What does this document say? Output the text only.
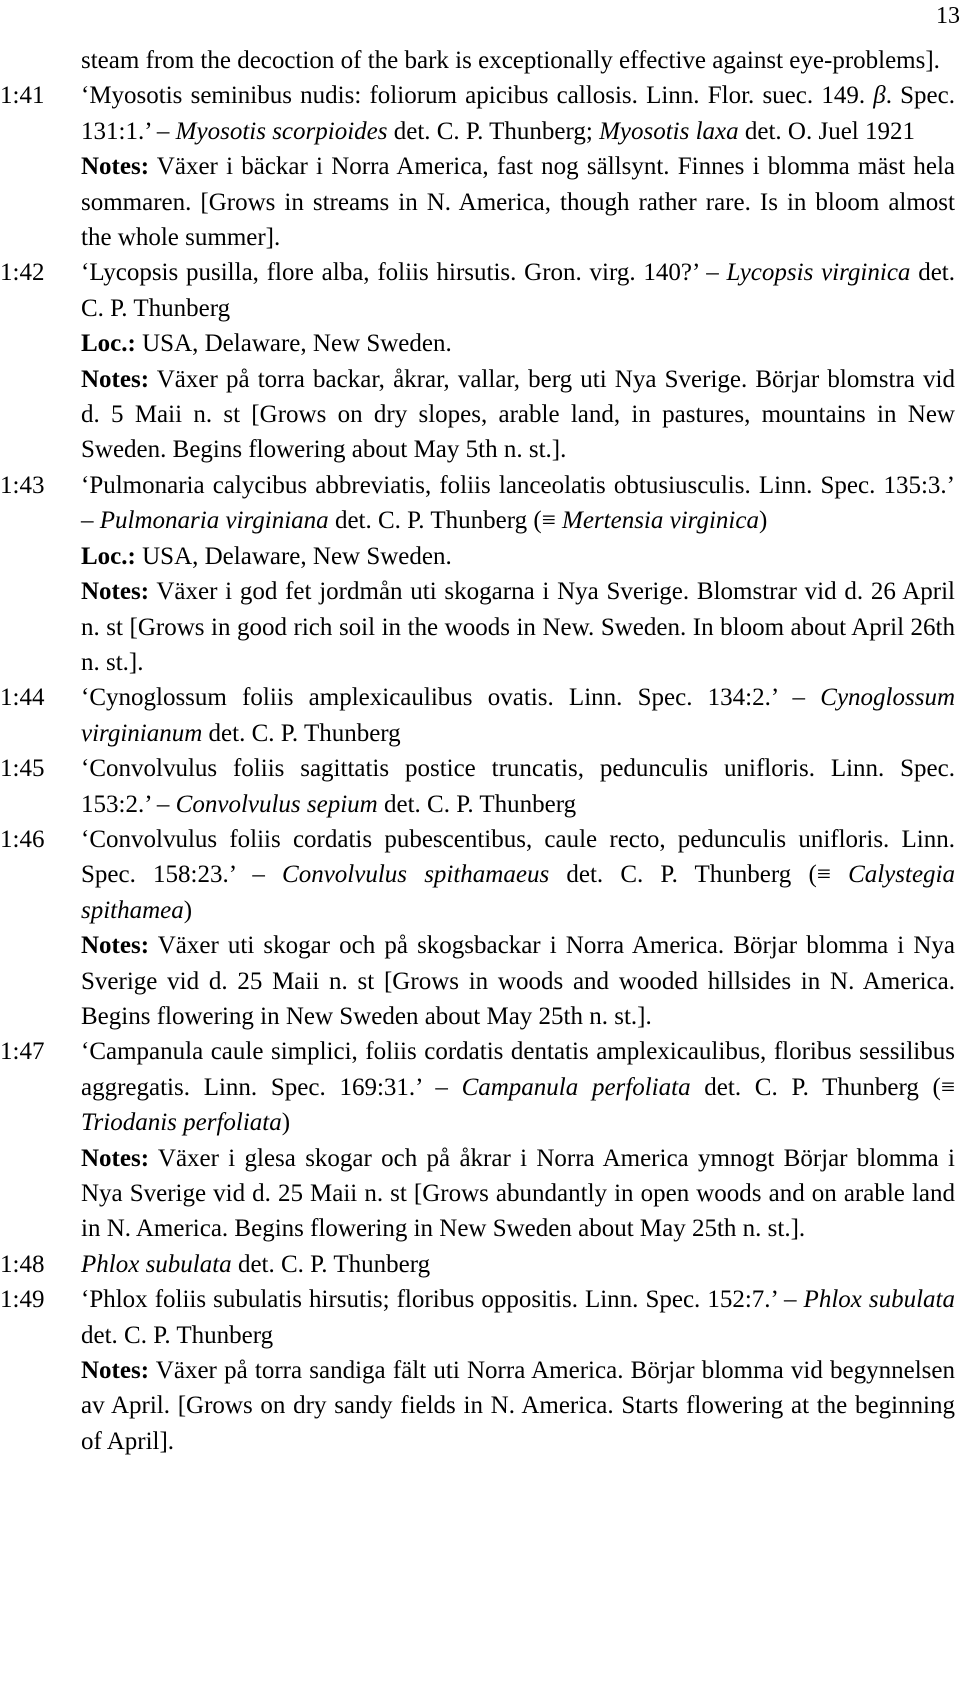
13

steam from the decoction of the bark is exceptionally effective against eye-problems].

1:41	‘Myosotis seminibus nudis: foliorum apicibus callosis. Linn. Flor. suec. 149. β. Spec. 131:1.’ – Myosotis scorpioides det. C. P. Thunberg; Myosotis laxa det. O. Juel 1921

Notes: Växer i bäckar i Norra America, fast nog sällsynt. Finnes i blomma mäst hela sommaren. [Grows in streams in N. America, though rather rare. Is in bloom almost the whole summer].

1:42	‘Lycopsis pusilla, flore alba, foliis hirsutis. Gron. virg. 140?’ – Lycopsis virginica det. C. P. Thunberg

Loc.: USA, Delaware, New Sweden.

Notes: Växer på torra backar, åkrar, vallar, berg uti Nya Sverige. Börjar blomstra vid d. 5 Maii n. st [Grows on dry slopes, arable land, in pastures, mountains in New Sweden. Begins flowering about May 5th n. st.].

1:43	‘Pulmonaria calycibus abbreviatis, foliis lanceolatis obtusiusculis. Linn. Spec. 135:3.’ – Pulmonaria virginiana det. C. P. Thunberg (≡ Mertensia virginica)

Loc.: USA, Delaware, New Sweden.

Notes: Växer i god fet jordmån uti skogarna i Nya Sverige. Blomstrar vid d. 26 April n. st [Grows in good rich soil in the woods in New. Sweden. In bloom about April 26th n. st.].

1:44	‘Cynoglossum foliis amplexicaulibus ovatis. Linn. Spec. 134:2.’ – Cynoglossum virginianum det. C. P. Thunberg

1:45	‘Convolvulus foliis sagittatis postice truncatis, pedunculis unifloris. Linn. Spec. 153:2.’ – Convolvulus sepium det. C. P. Thunberg

1:46	‘Convolvulus foliis cordatis pubescentibus, caule recto, pedunculis unifloris. Linn. Spec. 158:23.’ – Convolvulus spithamaeus det. C. P. Thunberg (≡ Calystegia spithamea)

Notes: Växer uti skogar och på skogsbackar i Norra America. Börjar blomma i Nya Sverige vid d. 25 Maii n. st [Grows in woods and wooded hillsides in N. America. Begins flowering in New Sweden about May 25th n. st.].

1:47	‘Campanula caule simplici, foliis cordatis dentatis amplexicaulibus, floribus sessilibus aggregatis. Linn. Spec. 169:31.’ – Campanula perfoliata det. C. P. Thunberg (≡ Triodanis perfoliata)

Notes: Växer i glesa skogar och på åkrar i Norra America ymnogt Börjar blomma i Nya Sverige vid d. 25 Maii n. st [Grows abundantly in open woods and on arable land in N. America. Begins flowering in New Sweden about May 25th n. st.].

1:48	Phlox subulata det. C. P. Thunberg

1:49	‘Phlox foliis subulatis hirsutis; floribus oppositis. Linn. Spec. 152:7.’ – Phlox subulata det. C. P. Thunberg

Notes: Växer på torra sandiga fält uti Norra America. Börjar blomma vid begynnelsen av April. [Grows on dry sandy fields in N. America. Starts flowering at the beginning of April].
